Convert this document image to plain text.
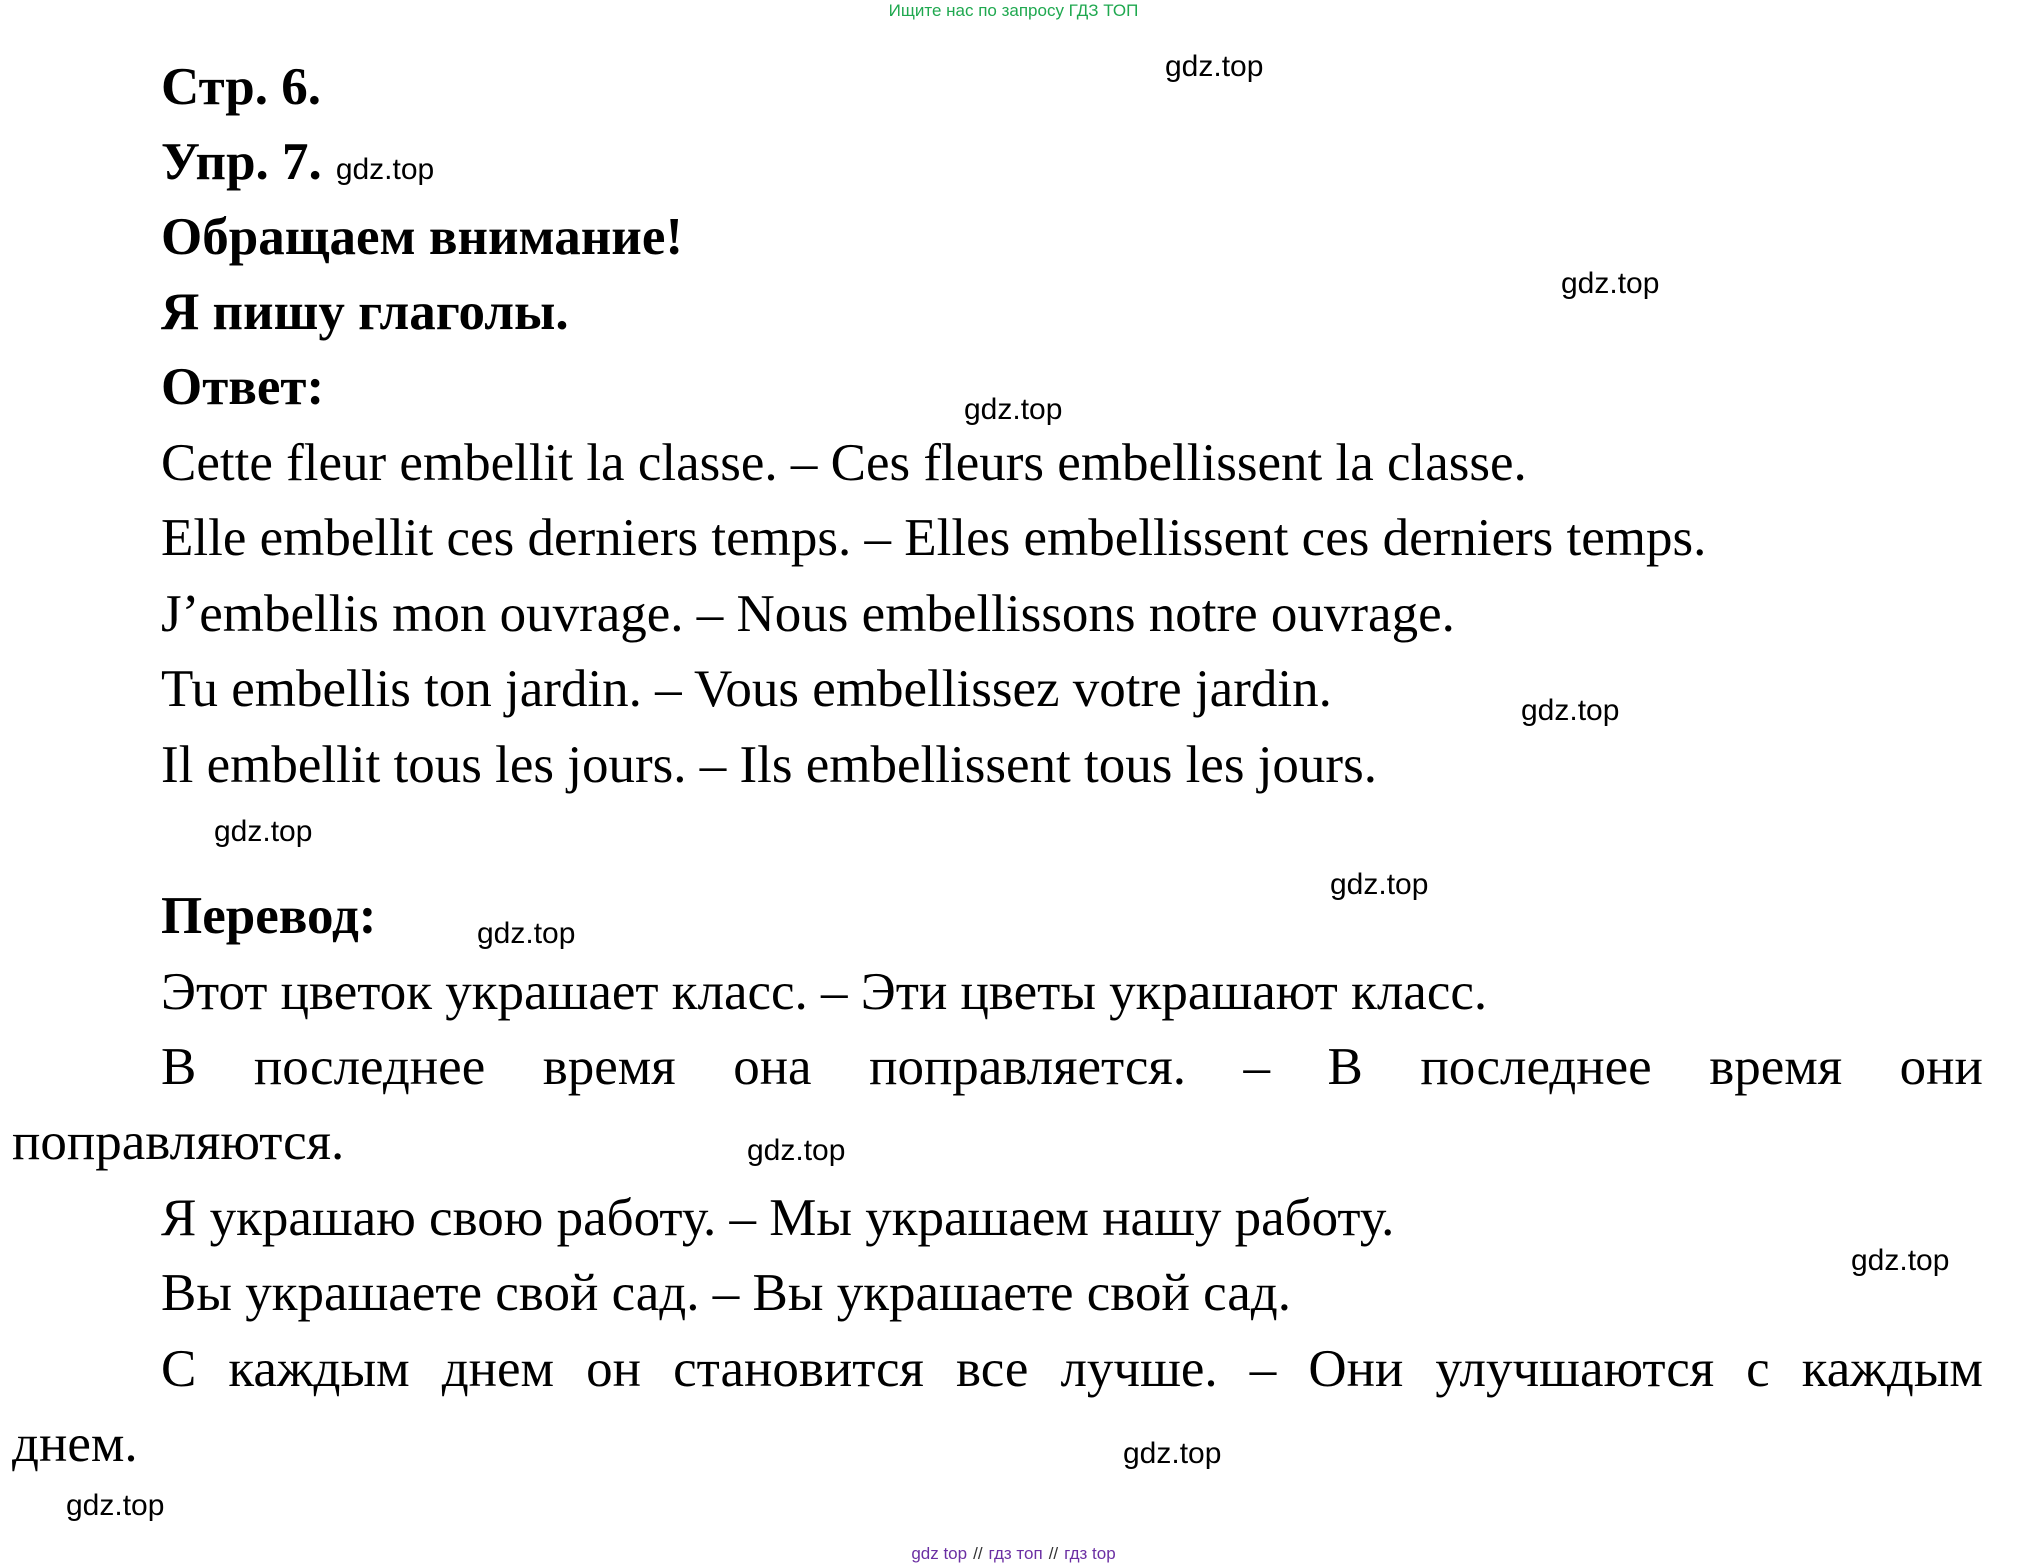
Ищите нас по запросу ГДЗ ТОП
Стр. 6.
Упр. 7. gdz.top
Обращаем внимание!
Я пишу глаголы.
Ответ:
Cette fleur embellit la classe. – Ces fleurs embellissent la classe.
Elle embellit ces derniers temps. – Elles embellissent ces derniers temps.
J’embellis mon ouvrage. – Nous embellissons notre ouvrage.
Tu embellis ton jardin. – Vous embellissez votre jardin.
Il embellit tous les jours. – Ils embellissent tous les jours.
Перевод:
Этот цветок украшает класс. – Эти цветы украшают класс.
В последнее время она поправляется. – В последнее время они
поправляются.
Я украшаю свою работу. – Мы украшаем нашу работу.
Вы украшаете свой сад. – Вы украшаете свой сад.
С каждым днем он становится все лучше. – Они улучшаются с каждым
днем.
gdz.top
gdz.top
gdz.top
gdz.top
gdz.top
gdz.top
gdz.top
gdz.top
gdz.top
gdz.top
gdz.top
gdz top // гдз топ // гдз top
